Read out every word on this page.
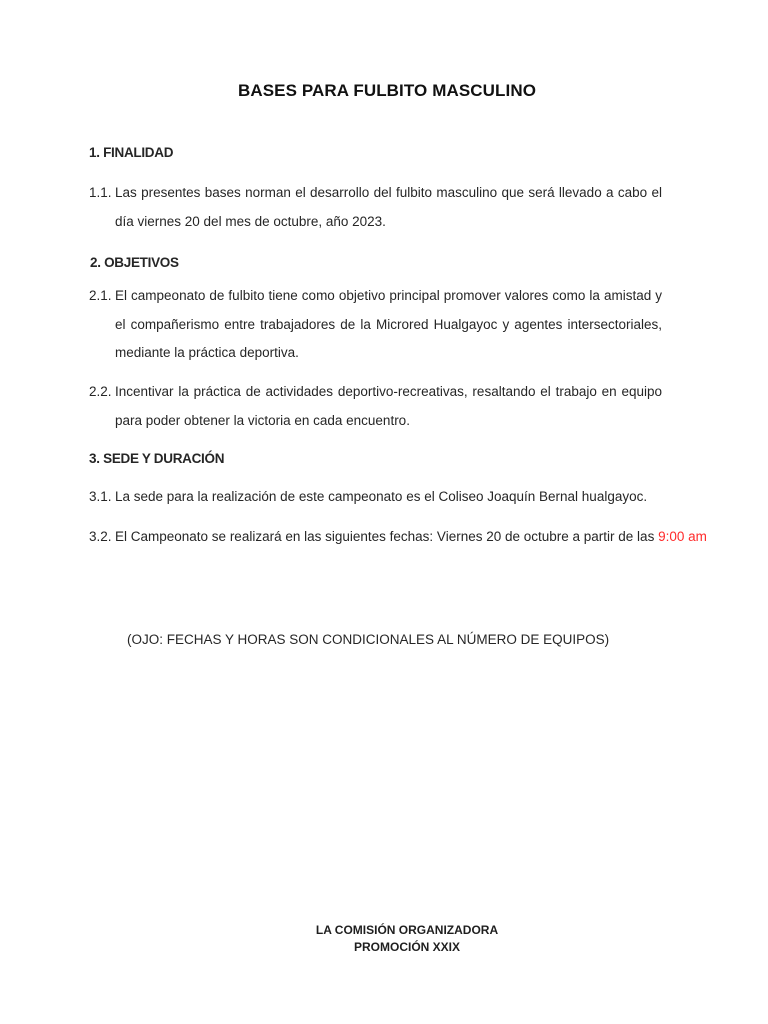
BASES PARA FULBITO MASCULINO
1. FINALIDAD
1.1. Las presentes bases norman el desarrollo del fulbito masculino que será llevado a cabo el día viernes 20 del mes de octubre, año 2023.
2. OBJETIVOS
2.1. El campeonato de fulbito tiene como objetivo principal promover valores como la amistad y el compañerismo entre trabajadores de la Microred Hualgayoc y agentes intersectoriales, mediante la práctica deportiva.
2.2. Incentivar la práctica de actividades deportivo-recreativas, resaltando el trabajo en equipo para poder obtener la victoria en cada encuentro.
3. SEDE Y DURACIÓN
3.1. La sede para la realización de este campeonato es el Coliseo Joaquín Bernal hualgayoc.
3.2. El Campeonato se realizará en las siguientes fechas: Viernes 20 de octubre a partir de las 9:00 am
(OJO: FECHAS Y HORAS SON CONDICIONALES AL NÚMERO DE EQUIPOS)
LA COMISIÓN ORGANIZADORA
PROMOCIÓN XXIX
